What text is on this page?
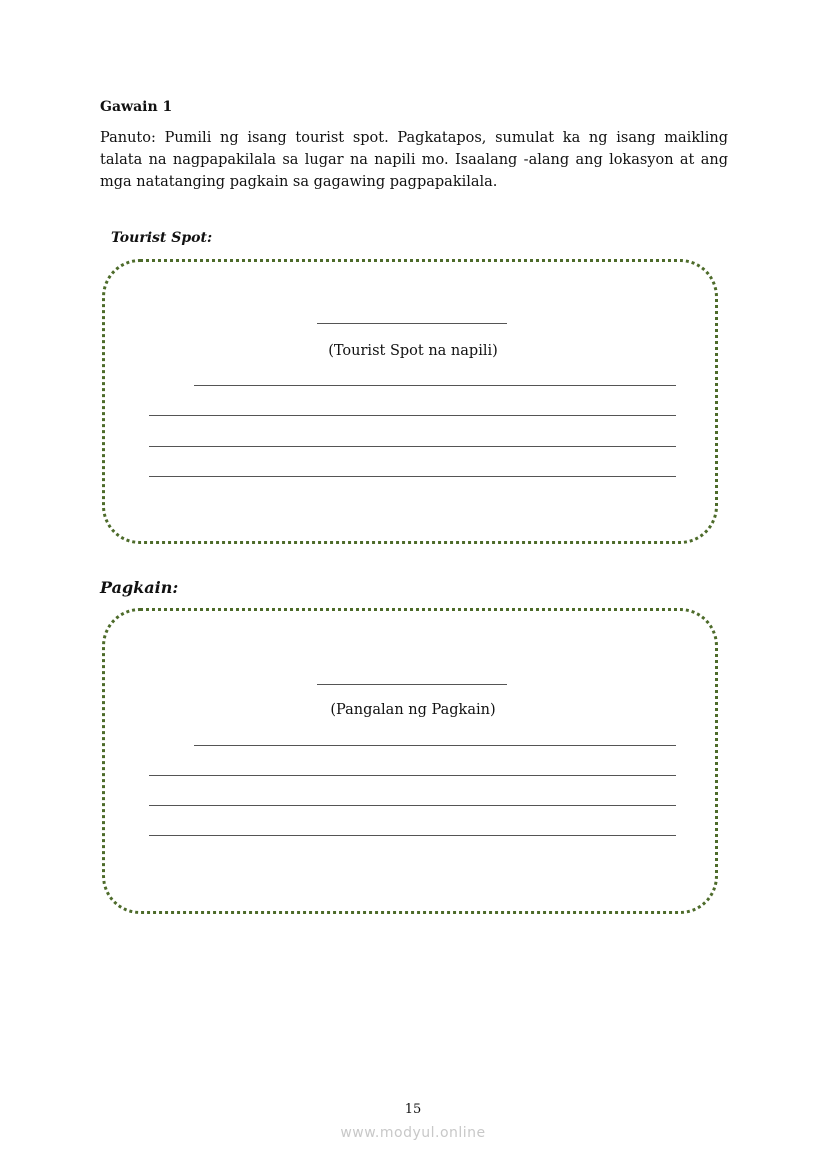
Gawain 1
Panuto: Pumili ng isang tourist spot. Pagkatapos, sumulat ka ng isang maikling talata na nagpapakilala sa lugar na napili mo. Isaalang -alang ang lokasyon at ang mga natatanging pagkain sa gagawing pagpapakilala.
Tourist Spot:
(Tourist Spot na napili)
Pagkain:
(Pangalan ng Pagkain)
15
www.modyul.online
